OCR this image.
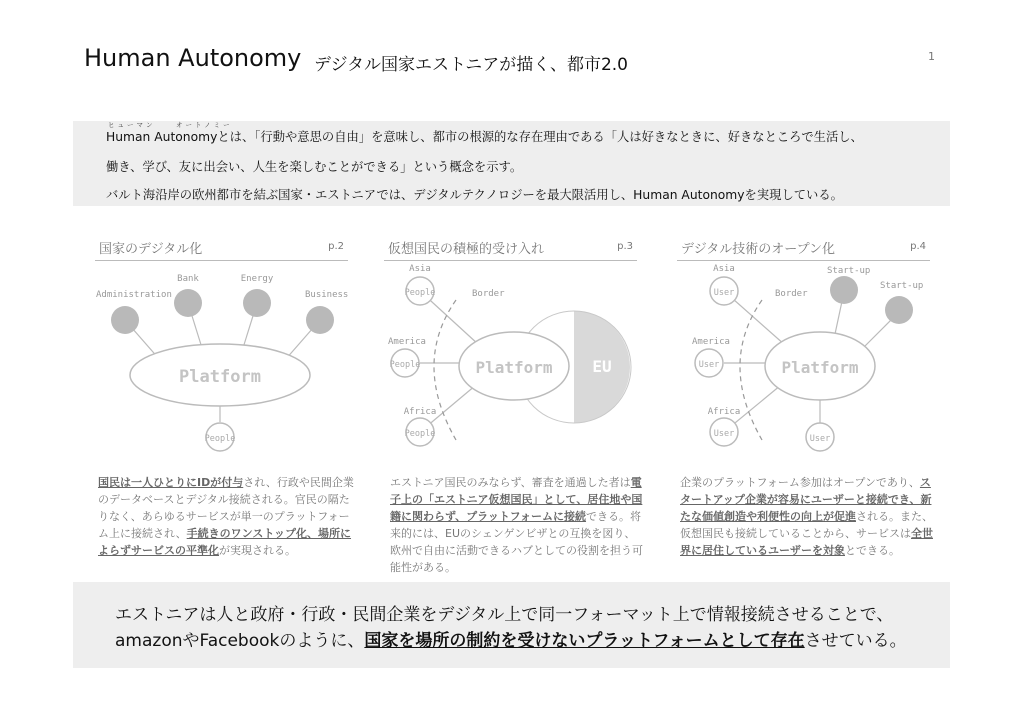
Human Autonomy デジタル国家エストニアが描く、都市2.0	1

ヒューマン	オートノミー
Human Autonomyとは、「行動や意思の自由」を意味し、都市の根源的な存在理由である「人は好きなときに、好きなところで生活し、

働き、学び、友に出会い、人生を楽しむことができる」という概念を示す。

バルト海沿岸の欧州都市を結ぶ国家・エストニアでは、デジタルテクノロジーを最大限活用し、Human Autonomyを実現している。

国家のデジタル化	p.2	仮想国民の積極的受け入れ	p.3	デジタル技術のオープン化	p.4
Platform
Administration
Bank	Energy
Business
People
Platform EU
People
People
People
Asia
America
Africa
Border
Platform
User
User
User	User
Asia
America
Africa
Border
Start-up
Start-up
国民は一人ひとりにIDが付与され、行政や民間企業のデータベースとデジタル接続される。官民の隔たりなく、あらゆるサービスが単一のプラットフォーム上に接続され、手続きのワンストップ化、場所によらずサービスの平準化が実現される。
エストニア国民のみならず、審査を通過した者は電子上の「エストニア仮想国民」として、居住地や国籍に関わらず、プラットフォームに接続できる。将来的には、EUのシェンゲンビザとの互換を図り、欧州で自由に活動できるハブとしての役割を担う可能性がある。
企業のプラットフォーム参加はオープンであり、スタートアップ企業が容易にユーザーと接続でき、新たな価値創造や利便性の向上が促進される。また、仮想国民も接続していることから、サービスは全世界に居住しているユーザーを対象とできる。

エストニアは人と政府・行政・民間企業をデジタル上で同一フォーマット上で情報接続させることで、

amazonやFacebookのように、国家を場所の制約を受けないプラットフォームとして存在させている。
